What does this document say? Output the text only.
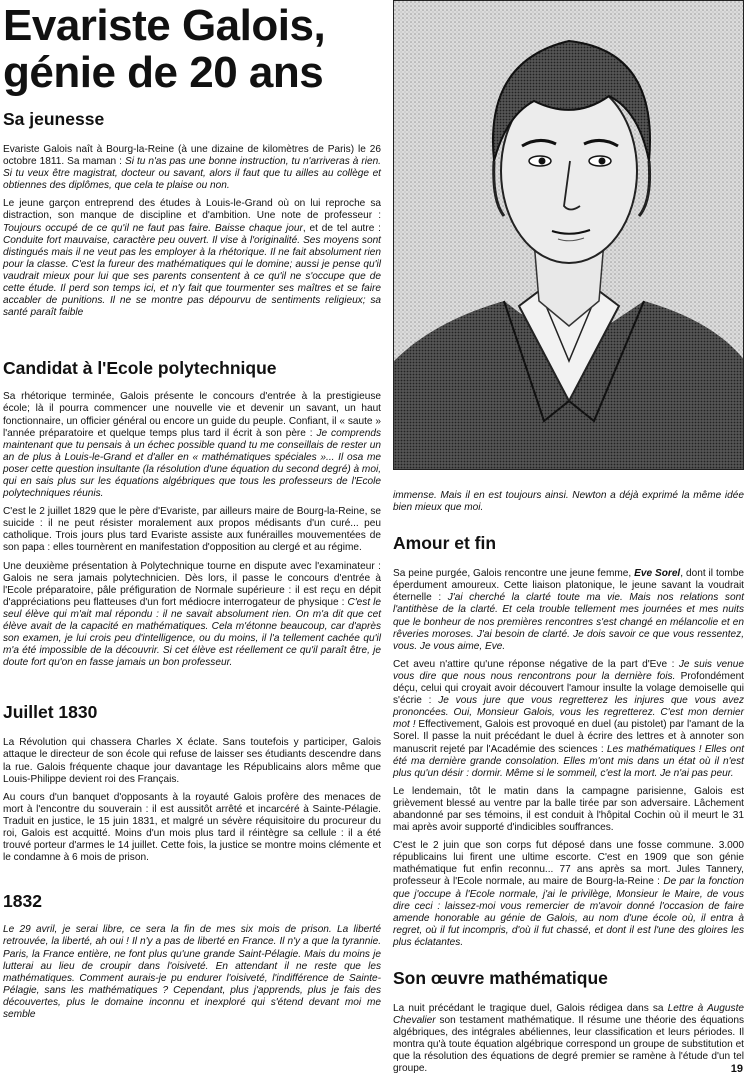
Evariste Galois,
génie de 20 ans
Sa jeunesse

Evariste Galois naît à Bourg-la-Reine (à une dizaine de kilomètres de Paris) le 26 octobre 1811. Sa maman : Si tu n'as pas une bonne instruction, tu n'arriveras à rien. Si tu veux être magistrat, docteur ou savant, alors il faut que tu ailles au collège et obtiennes des diplômes, que cela te plaise ou non.

Le jeune garçon entreprend des études à Louis-le-Grand où on lui reproche sa distraction, son manque de discipline et d'ambition. Une note de professeur : Toujours occupé de ce qu'il ne faut pas faire. Baisse chaque jour, et de tel autre : Conduite fort mauvaise, caractère peu ouvert. Il vise à l'originalité. Ses moyens sont distingués mais il ne veut pas les employer à la rhétorique. Il ne fait absolument rien pour la classe. C'est la fureur des mathématiques qui le domine; aussi je pense qu'il vaudrait mieux pour lui que ses parents consentent à ce qu'il ne s'occupe que de cette étude. Il perd son temps ici, et n'y fait que tourmenter ses maîtres et se faire accabler de punitions. Il ne se montre pas dépourvu de sentiments religieux; sa santé paraît faible

Candidat à l'Ecole polytechnique

Sa rhétorique terminée, Galois présente le concours d'entrée à la prestigieuse école; là il pourra commencer une nouvelle vie et devenir un savant, un haut fonctionnaire, un officier général ou encore un guide du peuple. Confiant, il « saute » l'année préparatoire et quelque temps plus tard il écrit à son père : Je comprends maintenant que tu pensais à un échec possible quand tu me conseillais de rester un an de plus à Louis-le-Grand et d'aller en « mathématiques spéciales »... Il osa me poser cette question insultante (la résolution d'une équation du second degré) à moi, qui en sais plus sur les équations algébriques que tous les professeurs de l'Ecole polytechniques réunis.

C'est le 2 juillet 1829 que le père d'Evariste, par ailleurs maire de Bourg-la-Reine, se suicide : il ne peut résister moralement aux propos médisants d'un curé... peu catholique. Trois jours plus tard Evariste assiste aux funérailles mouvementées de son papa : elles tournèrent en manifestation d'opposition au clergé et au régime.

Une deuxième présentation à Polytechnique tourne en dispute avec l'examinateur : Galois ne sera jamais polytechnicien. Dès lors, il passe le concours d'entrée à l'Ecole préparatoire, pâle préfiguration de Normale supérieure : il est reçu en dépit d'appréciations peu flatteuses d'un fort médiocre interrogateur de physique : C'est le seul élève qui m'ait mal répondu : il ne savait absolument rien. On m'a dit que cet élève avait de la capacité en mathématiques. Cela m'étonne beaucoup, car d'après son examen, je lui crois peu d'intelligence, ou du moins, il l'a tellement cachée qu'il m'a été impossible de la découvrir. Si cet élève est réellement ce qu'il paraît être, je doute fort qu'on en fasse jamais un bon professeur.

Juillet 1830

La Révolution qui chassera Charles X éclate. Sans toutefois y participer, Galois attaque le directeur de son école qui refuse de laisser ses étudiants descendre dans la rue. Galois fréquente chaque jour davantage les Républicains alors même que Louis-Philippe devient roi des Français.

Au cours d'un banquet d'opposants à la royauté Galois profère des menaces de mort à l'encontre du souverain : il est aussitôt arrêté et incarcéré à Sainte-Pélagie. Traduit en justice, le 15 juin 1831, et malgré un sévère réquisitoire du procureur du roi, Galois est acquitté. Moins d'un mois plus tard il réintègre sa cellule : il a été trouvé porteur d'armes le 14 juillet. Cette fois, la justice se montre moins clémente et le condamne à 6 mois de prison.

1832

Le 29 avril, je serai libre, ce sera la fin de mes six mois de prison. La liberté retrouvée, la liberté, ah oui ! Il n'y a pas de liberté en France. Il n'y a que la tyrannie. Paris, la France entière, ne font plus qu'une grande Saint-Pélagie. Mais du moins je lutterai au lieu de croupir dans l'oisiveté. En attendant il ne reste que les mathématiques. Comment aurais-je pu endurer l'oisiveté, l'indifférence de Sainte-Pélagie, sans les mathématiques ? Cependant, plus j'apprends, plus je fais des découvertes, plus le domaine inconnu et inexploré qui s'étend devant moi me semble

immense. Mais il en est toujours ainsi. Newton a déjà exprimé la même idée bien mieux que moi.

Amour et fin

Sa peine purgée, Galois rencontre une jeune femme, Eve Sorel, dont il tombe éperdument amoureux. Cette liaison platonique, le jeune savant la voudrait éternelle : J'ai cherché la clarté toute ma vie. Mais nos relations sont l'antithèse de la clarté. Et cela trouble tellement mes journées et mes nuits que le bonheur de nos premières rencontres s'est changé en mélancolie et en rêveries moroses. J'ai besoin de clarté. Je dois savoir ce que vous ressentez, vous. Je vous aime, Eve.

Cet aveu n'attire qu'une réponse négative de la part d'Eve : Je suis venue vous dire que nous nous rencontrons pour la dernière fois. Profondément déçu, celui qui croyait avoir découvert l'amour insulte la volage demoiselle qui s'écrie : Je vous jure que vous regretterez les injures que vous avez prononcées. Oui, Monsieur Galois, vous les regretterez. C'est mon dernier mot ! Effectivement, Galois est provoqué en duel (au pistolet) par l'amant de la Sorel. Il passe la nuit précédant le duel à écrire des lettres et à annoter son manuscrit rejeté par l'Académie des sciences : Les mathématiques ! Elles ont été ma dernière grande consolation. Elles m'ont mis dans un état où il n'est plus qu'un désir : dormir. Même si le sommeil, c'est la mort. Je n'ai pas peur.

Le lendemain, tôt le matin dans la campagne parisienne, Galois est grièvement blessé au ventre par la balle tirée par son adversaire. Lâchement abandonné par ses témoins, il est conduit à l'hôpital Cochin où il meurt le 31 mai après avoir supporté d'indicibles souffrances.

C'est le 2 juin que son corps fut déposé dans une fosse commune. 3.000 républicains lui firent une ultime escorte. C'est en 1909 que son génie mathématique fut enfin reconnu... 77 ans après sa mort. Jules Tannery, professeur à l'Ecole normale, au maire de Bourg-la-Reine : De par la fonction que j'occupe à l'Ecole normale, j'ai le privilège, Monsieur le Maire, de vous dire ceci : laissez-moi vous remercier de m'avoir donné l'occasion de faire amende honorable au génie de Galois, au nom d'une école où, il entra à regret, où il fut incompris, d'où il fut chassé, et dont il est l'une des gloires les plus éclatantes.

Son œuvre mathématique

La nuit précédant le tragique duel, Galois rédigea dans sa Lettre à Auguste Chevalier son testament mathématique. Il résume une théorie des équations algébriques, des intégrales abéliennes, leur classification et leurs périodes. Il montra qu'à toute équation algébrique correspond un groupe de substitution et que la résolution des équations de degré premier se ramène à l'étude d'un tel groupe.	19
